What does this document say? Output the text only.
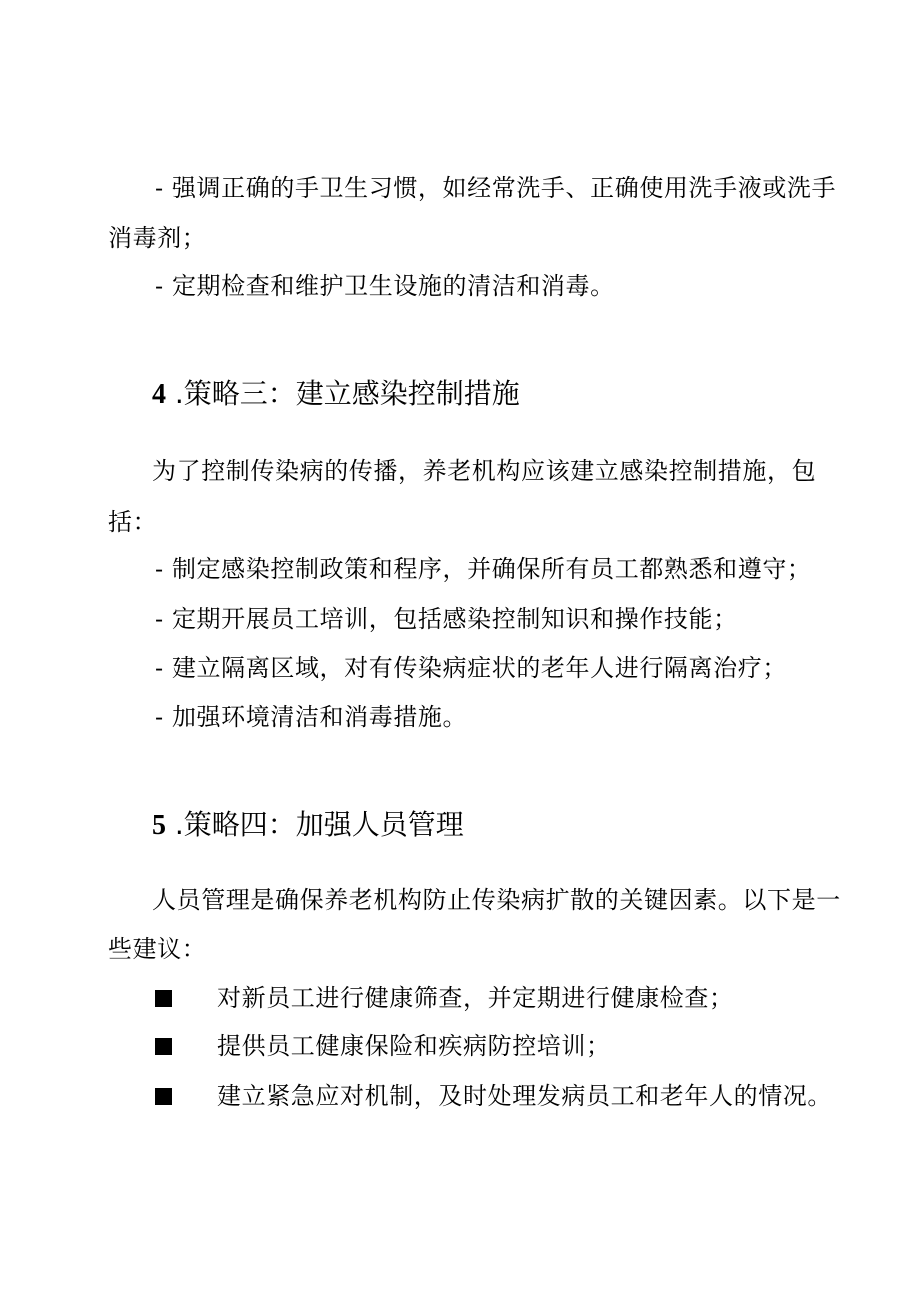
- 强调正确的手卫生习惯，如经常洗手、正确使用洗手液或洗手
消毒剂；
- 定期检查和维护卫生设施的清洁和消毒。
4 .策略三：建立感染控制措施
为了控制传染病的传播，养老机构应该建立感染控制措施，包
括：
- 制定感染控制政策和程序，并确保所有员工都熟悉和遵守；
- 定期开展员工培训，包括感染控制知识和操作技能；
- 建立隔离区域，对有传染病症状的老年人进行隔离治疗；
- 加强环境清洁和消毒措施。
5 .策略四：加强人员管理
人员管理是确保养老机构防止传染病扩散的关键因素。以下是一
些建议：
对新员工进行健康筛查，并定期进行健康检查；
提供员工健康保险和疾病防控培训；
建立紧急应对机制，及时处理发病员工和老年人的情况。
